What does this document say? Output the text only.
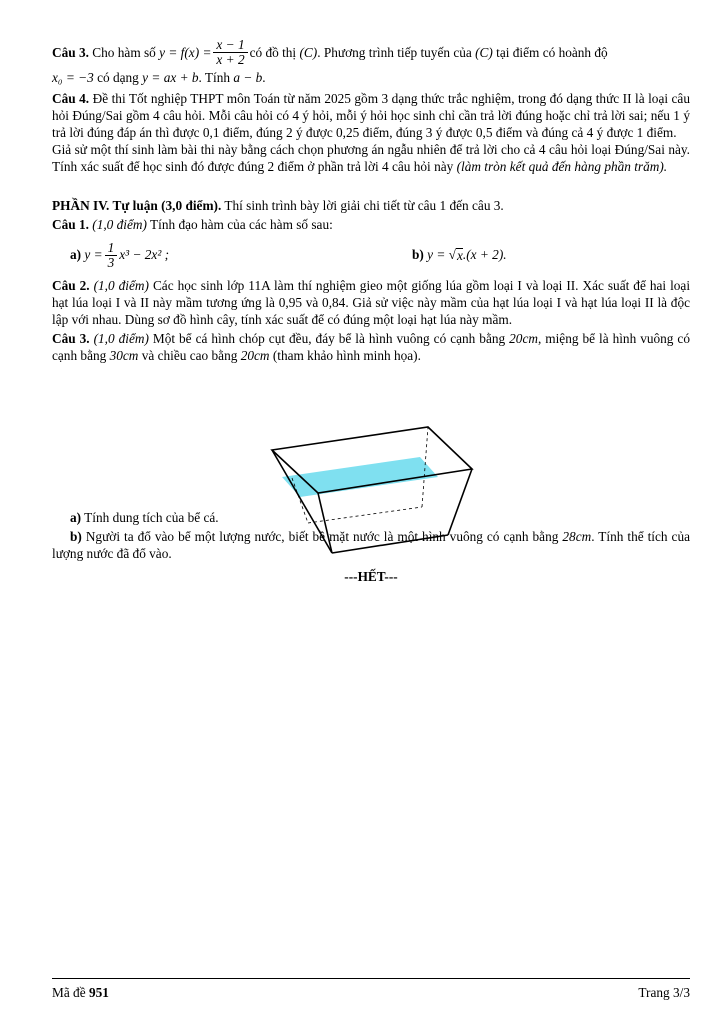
Câu 3.
Cho hàm số
$y = f(x) = \frac{x - 1}{x + 2}$ có đồ thị
(C) . Phương trình tiếp tuyến của
(C)
tại điểm có hoành độ

x₀ = −3 có dạng y = ax + b. Tính a − b.

Câu 4. Đề thi Tốt nghiệp THPT môn Toán từ năm 2025 gồm 3 dạng thức trắc nghiệm, trong đó dạng thức II là loại câu hỏi Đúng/Sai gồm 4 câu hỏi. Mỗi câu hỏi có 4 ý hỏi, mỗi ý hỏi học sinh chỉ cần trả lời đúng hoặc chỉ trả lời sai; nếu 1 ý trả lời đúng đáp án thì được 0,1 điểm, đúng 2 ý được 0,25 điểm, đúng 3 ý được 0,5 điểm và đúng cả 4 ý được 1 điểm.

Giả sử một thí sinh làm bài thi này bằng cách chọn phương án ngẫu nhiên để trả lời cho cả 4 câu hỏi loại Đúng/Sai này. Tính xác suất để học sinh đó được đúng 2 điểm ở phần trả lời 4 câu hỏi này (làm tròn kết quả đến hàng phần trăm).

PHẦN IV. Tự luận (3,0 điểm). Thí sinh trình bày lời giải chi tiết từ câu 1 đến câu 3.

Câu 1. (1,0 điểm) Tính đạo hàm của các hàm số sau:

a)
$y = \frac{1}{3} x^3 - 2x^2$ ;	b)
y = √ x .(x + 2).

Câu 2. (1,0 điểm) Các học sinh lớp 11A làm thí nghiệm gieo một giống lúa gồm loại I và loại II. Xác suất để hai loại hạt lúa loại I và II này mầm tương ứng là 0,95 và 0,84. Giả sử việc này mầm của hạt lúa loại I và hạt lúa loại II là độc lập với nhau. Dùng sơ đồ hình cây, tính xác suất để có đúng một loại hạt lúa này mầm.

Câu 3. (1,0 điểm) Một bể cá hình chóp cụt đều, đáy bể là hình vuông có cạnh bằng 20cm, miệng bể là hình vuông có cạnh bằng 30cm và chiều cao bằng 20cm (tham khảo hình minh họa).

a) Tính dung tích của bể cá.

b) Người ta đổ vào bể một lượng nước, biết bề mặt nước là một hình vuông có cạnh bằng 28cm. Tính thể tích của lượng nước đã đổ vào.

---HẾT---

Mã đề 951	Trang 3/3
